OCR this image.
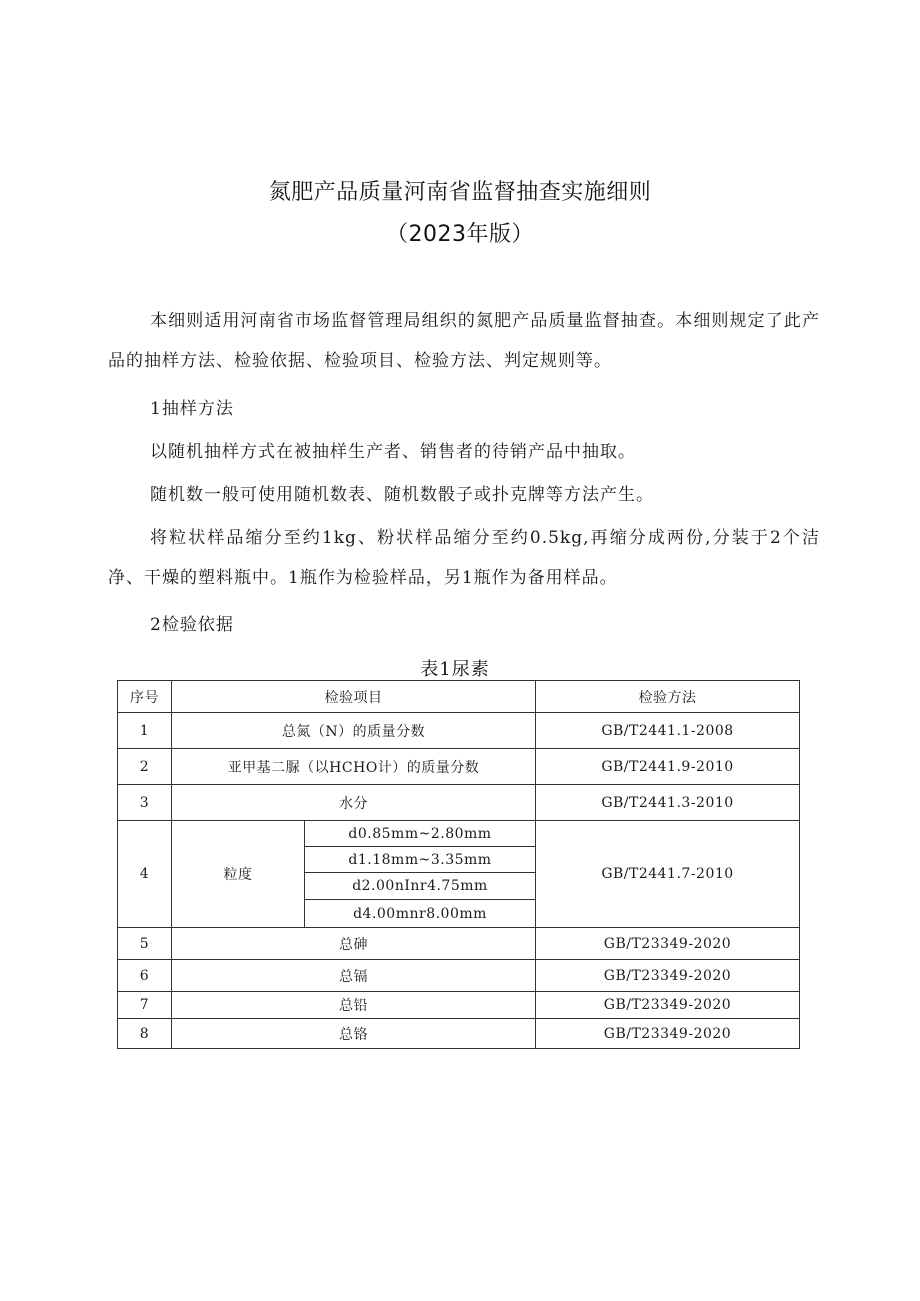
氮肥产品质量河南省监督抽查实施细则
（2023年版）
本细则适用河南省市场监督管理局组织的氮肥产品质量监督抽查。本细则规定了此产品的抽样方法、检验依据、检验项目、检验方法、判定规则等。
1抽样方法
以随机抽样方式在被抽样生产者、销售者的待销产品中抽取。
随机数一般可使用随机数表、随机数骰子或扑克牌等方法产生。
将粒状样品缩分至约1kg、粉状样品缩分至约0.5kg,再缩分成两份,分装于2个洁净、干燥的塑料瓶中。1瓶作为检验样品，另1瓶作为备用样品。
2检验依据
表1尿素
序号	检验项目		检验方法
1	总氮（N）的质量分数		GB/T2441.1-2008
2	亚甲基二脲（以HCHO计）的质量分数		GB/T2441.9-2010
3	水分		GB/T2441.3-2010
4	粒度	d0.85mm~2.80mm	GB/T2441.7-2010
		d1.18mm~3.35mm	
		d2.00nInr4.75mm	
		d4.00mnr8.00mm	
5	总砷		GB/T23349-2020
6	总镉		GB/T23349-2020
7	总铅		GB/T23349-2020
8	总铬		GB/T23349-2020
